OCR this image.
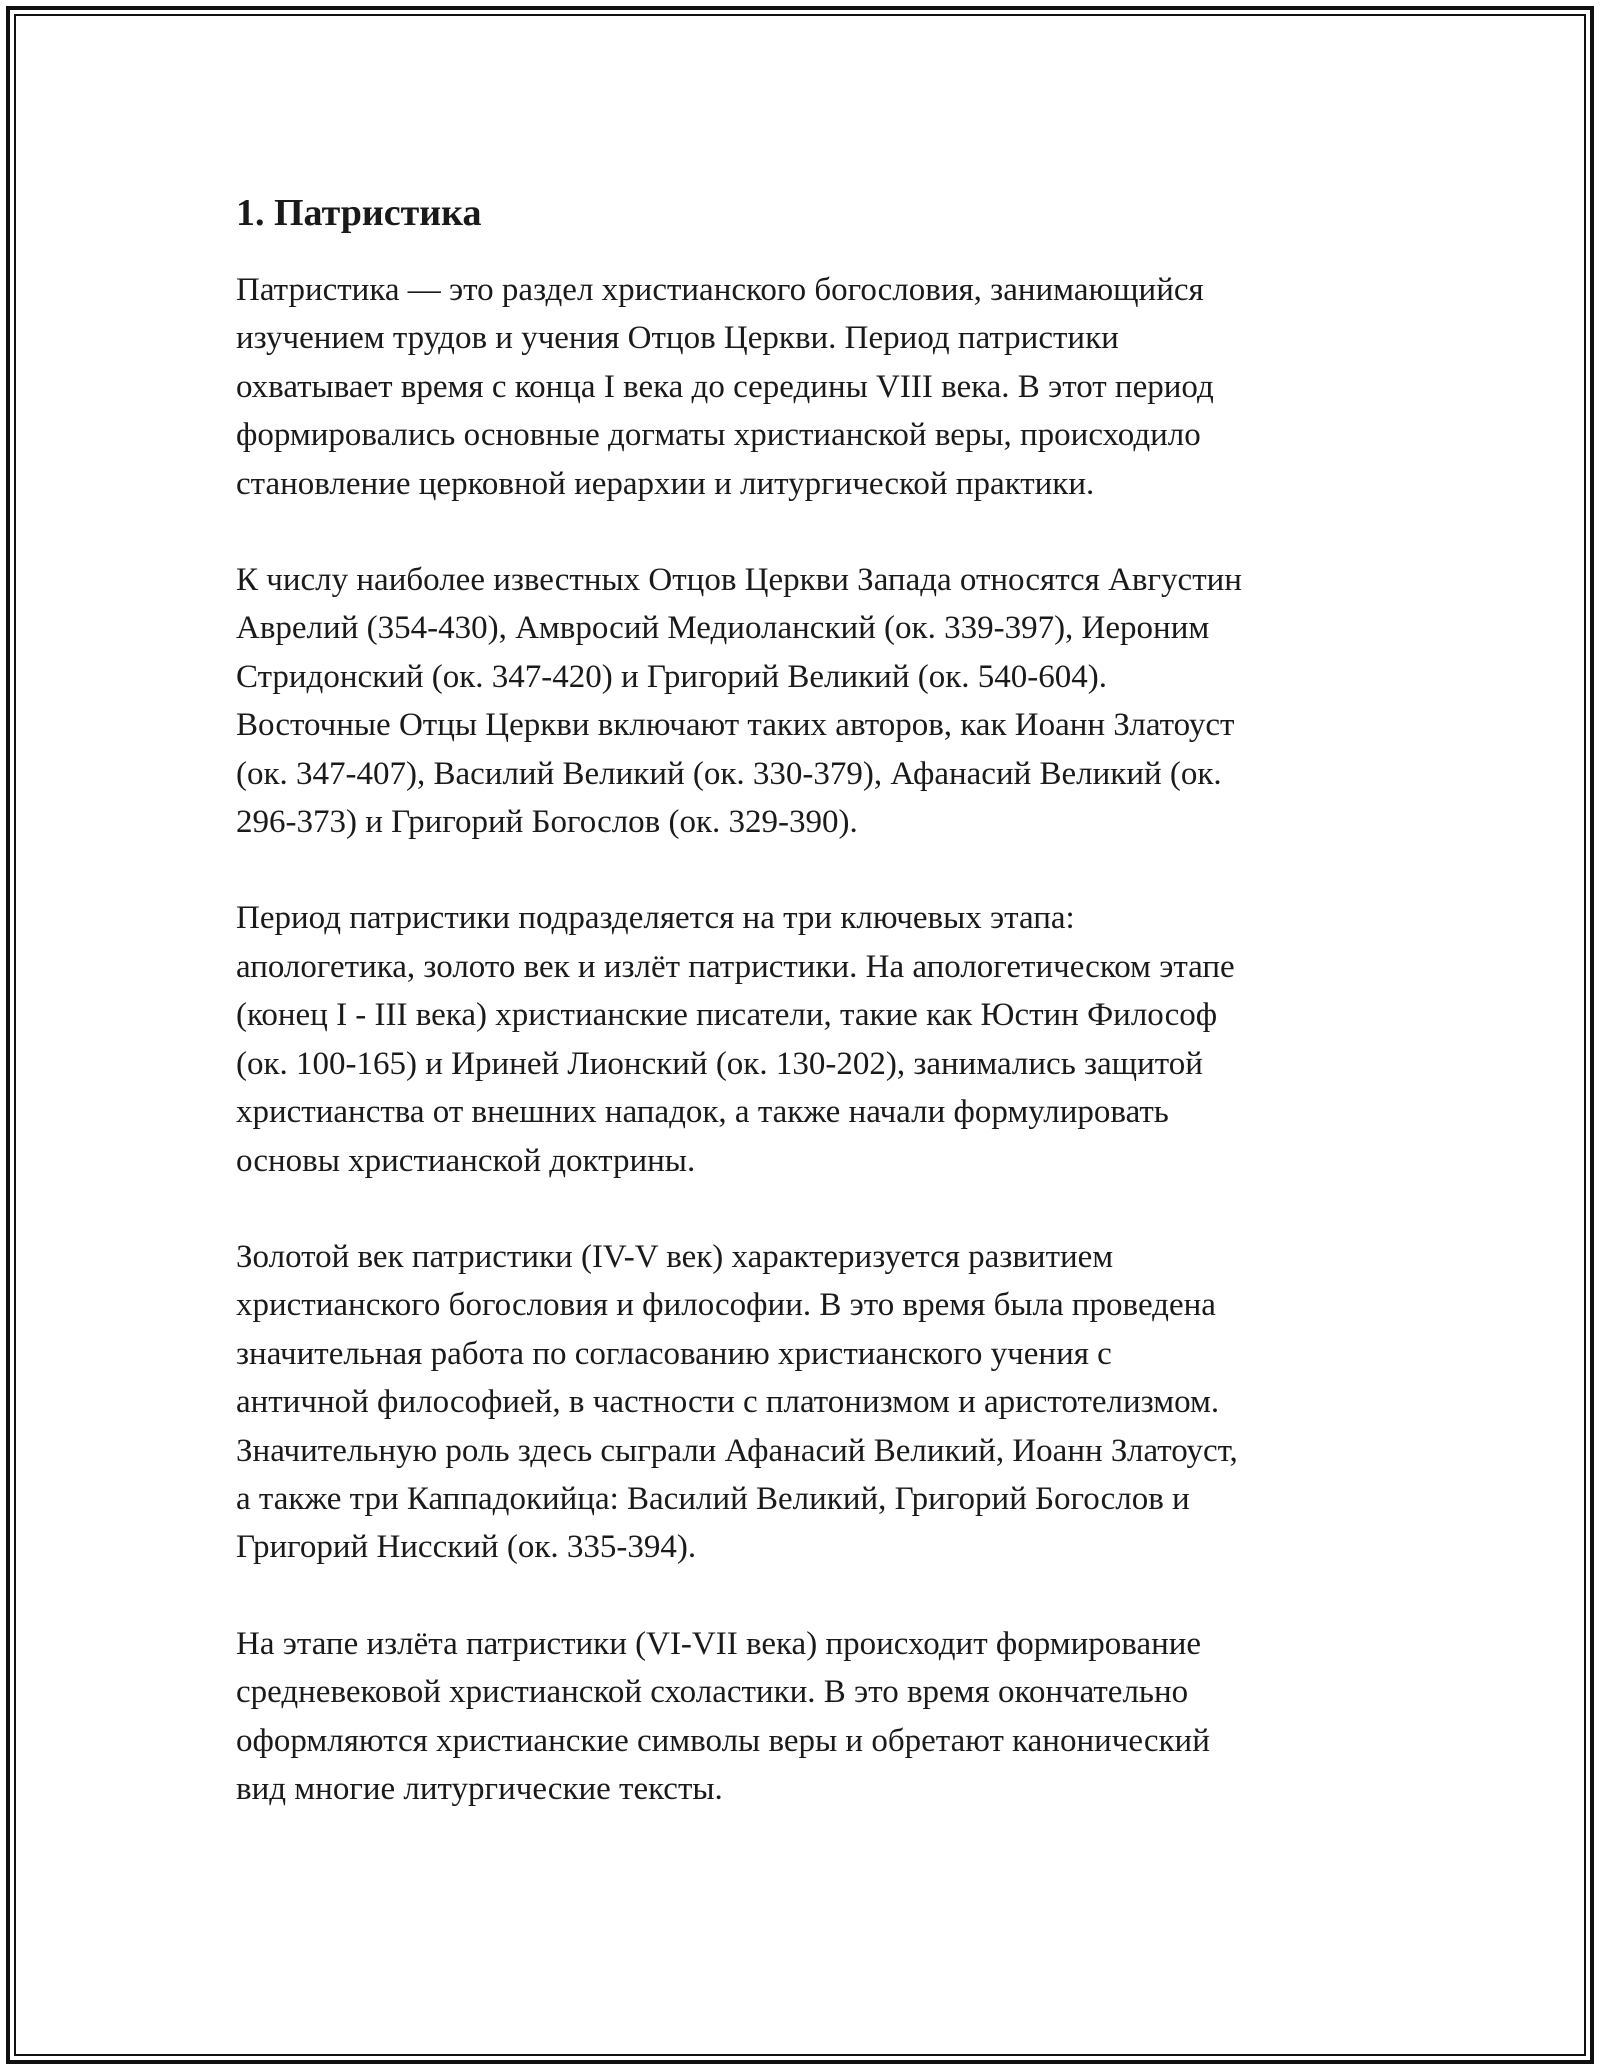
1. Патристика

Патристика — это раздел христианского богословия, занимающийся
изучением трудов и учения Отцов Церкви. Период патристики
охватывает время с конца I века до середины VIII века. В этот период
формировались основные догматы христианской веры, происходило
становление церковной иерархии и литургической практики.

К числу наиболее известных Отцов Церкви Запада относятся Августин
Аврелий (354-430), Амвросий Медиоланский (ок. 339-397), Иероним
Стридонский (ок. 347-420) и Григорий Великий (ок. 540-604).
Восточные Отцы Церкви включают таких авторов, как Иоанн Златоуст
(ок. 347-407), Василий Великий (ок. 330-379), Афанасий Великий (ок.
296-373) и Григорий Богослов (ок. 329-390).

Период патристики подразделяется на три ключевых этапа:
апологетика, золото век и излёт патристики. На апологетическом этапе
(конец I - III века) христианские писатели, такие как Юстин Философ
(ок. 100-165) и Ириней Лионский (ок. 130-202), занимались защитой
христианства от внешних нападок, а также начали формулировать
основы христианской доктрины.

Золотой век патристики (IV-V век) характеризуется развитием
христианского богословия и философии. В это время была проведена
значительная работа по согласованию христианского учения с
античной философией, в частности с платонизмом и аристотелизмом.
Значительную роль здесь сыграли Афанасий Великий, Иоанн Златоуст,
а также три Каппадокийца: Василий Великий, Григорий Богослов и
Григорий Нисский (ок. 335-394).

На этапе излёта патристики (VI-VII века) происходит формирование
средневековой христианской схоластики. В это время окончательно
оформляются христианские символы веры и обретают канонический
вид многие литургические тексты.
